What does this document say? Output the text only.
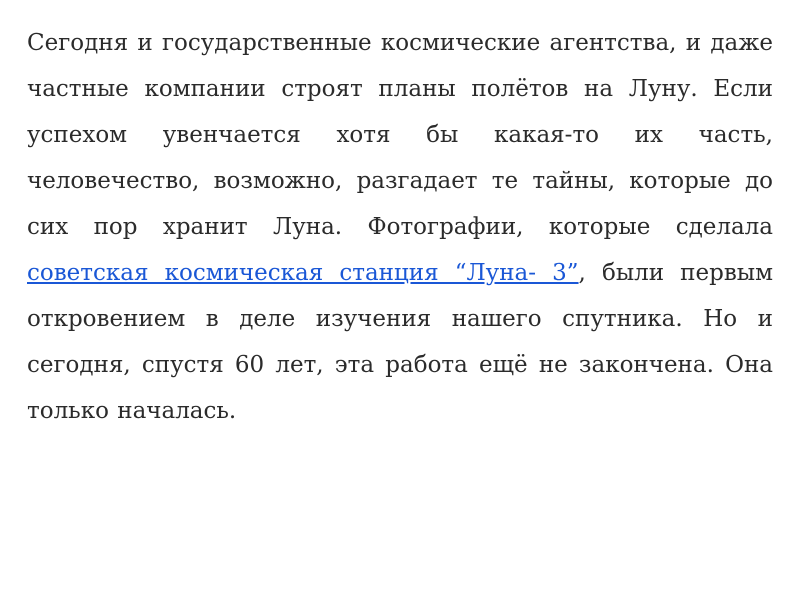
Сегодня и государственные космические агентства, и даже частные компании строят планы полётов на Луну. Если успехом увенчается хотя бы какая-то их часть, человечество, возможно, разгадает те тайны, которые до сих пор хранит Луна. Фотографии, которые сделала советская космическая станция “Луна- 3”, были первым откровением в деле изучения нашего спутника. Но и сегодня, спустя 60 лет, эта работа ещё не закончена. Она только началась.
